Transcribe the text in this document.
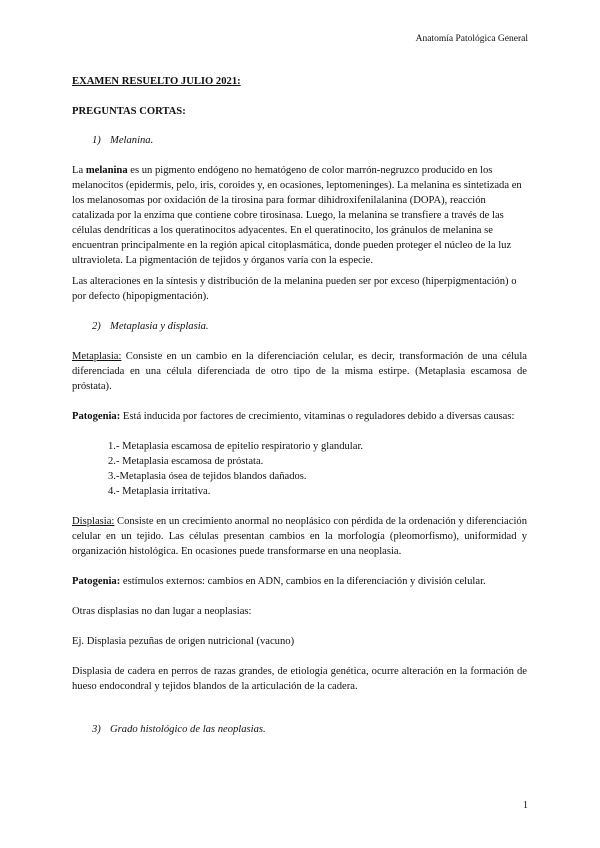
Anatomía Patológica General
EXAMEN RESUELTO JULIO 2021:
PREGUNTAS CORTAS:
1) Melanina.

La melanina es un pigmento endógeno no hematógeno de color marrón-negruzco producido en los melanocitos (epidermis, pelo, iris, coroides y, en ocasiones, leptomeninges). La melanina es sintetizada en los melanosomas por oxidación de la tirosina para formar dihidroxifenilalanina (DOPA), reacción catalizada por la enzima que contiene cobre tirosinasa. Luego, la melanina se transfiere a través de las células dendríticas a los queratinocitos adyacentes. En el queratinocito, los gránulos de melanina se encuentran principalmente en la región apical citoplasmática, donde pueden proteger el núcleo de la luz ultravioleta. La pigmentación de tejidos y órganos varía con la especie.

Las alteraciones en la síntesis y distribución de la melanina pueden ser por exceso (hiperpigmentación) o por defecto (hipopigmentación).

2) Metaplasia y displasia.

Metaplasia: Consiste en un cambio en la diferenciación celular, es decir, transformación de una célula diferenciada en una célula diferenciada de otro tipo de la misma estirpe. (Metaplasia escamosa de próstata).

Patogenia: Está inducida por factores de crecimiento, vitaminas o reguladores debido a diversas causas:

1.- Metaplasia escamosa de epitelio respiratorio y glandular.
2.- Metaplasia escamosa de próstata.
3.-Metaplasia ósea de tejidos blandos dañados.
4.- Metaplasia irritativa.

Displasia: Consiste en un crecimiento anormal no neoplásico con pérdida de la ordenación y diferenciación celular en un tejido. Las células presentan cambios en la morfología (pleomorfismo), uniformidad y organización histológica. En ocasiones puede transformarse en una neoplasia.

Patogenia: estímulos externos: cambios en ADN, cambios en la diferenciación y división celular.

Otras displasias no dan lugar a neoplasias:

Ej. Displasia pezuñas de origen nutricional (vacuno)

Displasia de cadera en perros de razas grandes, de etiología genética, ocurre alteración en la formación de hueso endocondral y tejidos blandos de la articulación de la cadera.

3) Grado histológico de las neoplasias.
1
